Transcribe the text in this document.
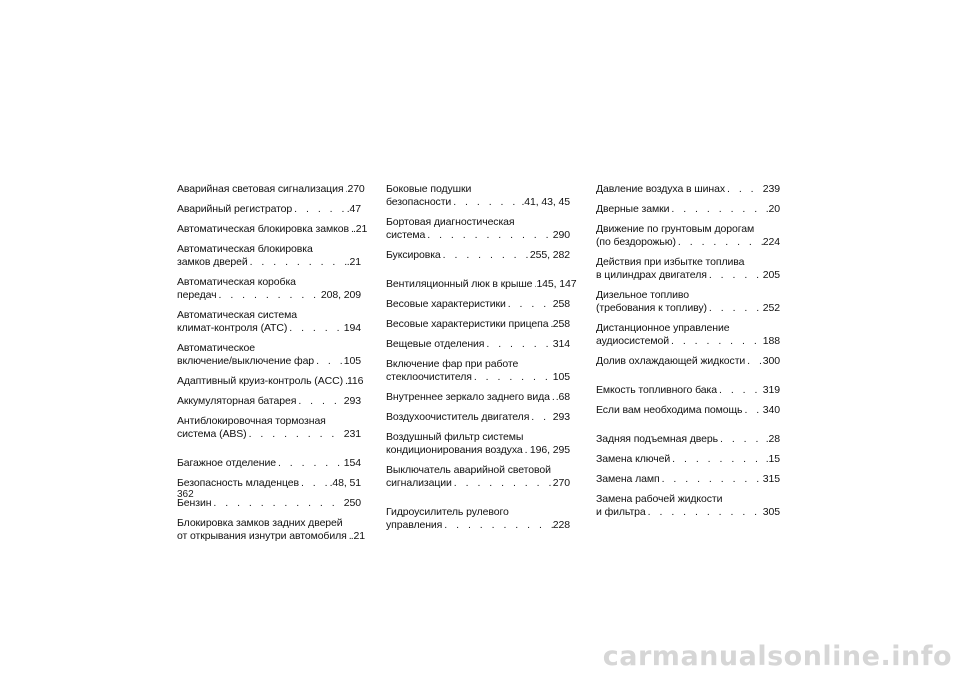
Аварийная световая сигнализация . . . 270
Аварийный регистратор . . .	.47
Автоматическая блокировка замков . . . .21
Автоматическая блокировка
замков дверей . . .	.21
Автоматическая коробка
передач . . .	208, 209
Автоматическая система
климат-контроля (АТС) . . .	194
Автоматическое
включение/выключение фар . . .	105
Адаптивный круиз-контроль (ACC) . . . 116
Аккумуляторная батарея . . .	293
Антиблокировочная тормозная
система (ABS) . . .	231
Багажное отделение . . .	154
Безопасность младенцев . . .	.48, 51
Бензин . . .	250
Блокировка замков задних дверей
от открывания изнутри автомобиля . . . .21
Боковые подушки
безопасности . . .	.41, 43, 45
Бортовая диагностическая
система . . .	290
Буксировка . . .	255, 282
Вентиляционный люк в крыше . . . 145, 147
Весовые характеристики . . .	258
Весовые характеристики прицепа . . . 258
Вещевые отделения . . .	314
Включение фар при работе
стеклоочистителя . . .	105
Внутреннее зеркало заднего вида . . . .68
Воздухоочиститель двигателя . . . 293
Воздушный фильтр системы
кондиционирования воздуха . . . 196, 295
Выключатель аварийной световой
сигнализации . . .	270
Гидроусилитель рулевого
управления . . .	228
Давление воздуха в шинах . . .	239
Дверные замки . . .	.20
Движение по грунтовым дорогам
(по бездорожью) . . .	224
Действия при избытке топлива
в цилиндрах двигателя . . .	205
Дизельное топливо
(требования к топливу) . . .	252
Дистанционное управление
аудиосистемой . . .	188
Долив охлаждающей жидкости . . . 300
Емкость топливного бака . . .	319
Если вам необходима помощь . . . 340
Задняя подъемная дверь . . .	.28
Замена ключей . . .	.15
Замена ламп . . .	315
Замена рабочей жидкости
и фильтра . . .	305
362
carmanualsonline.info
